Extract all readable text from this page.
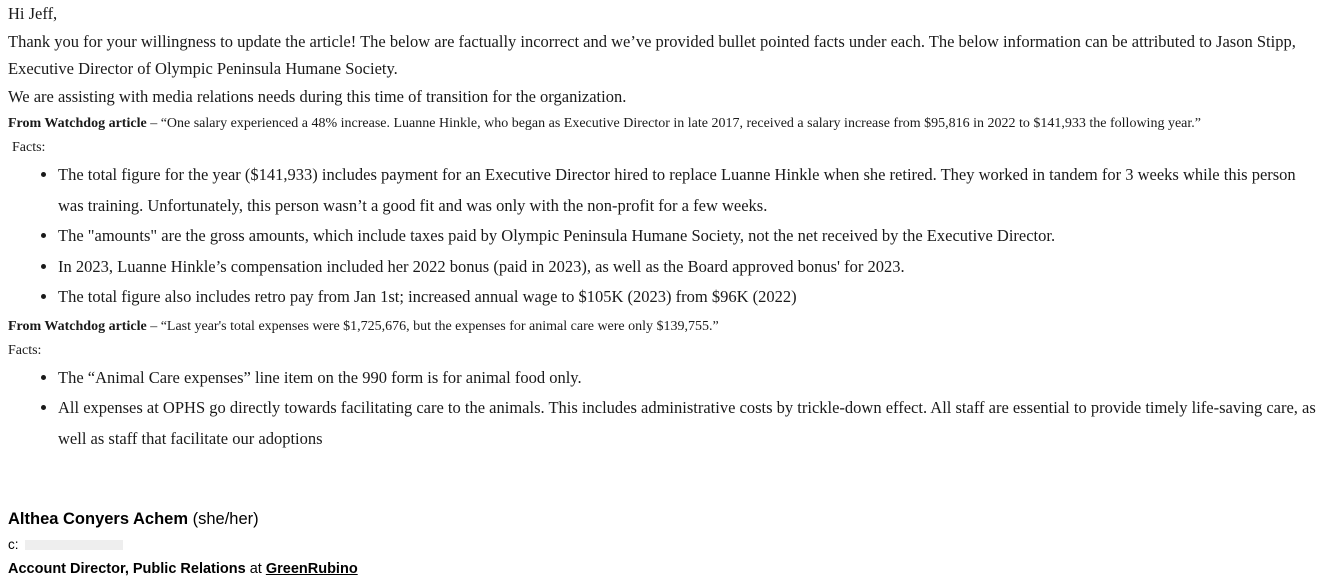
Hi Jeff,

Thank you for your willingness to update the article! The below are factually incorrect and we’ve provided bullet pointed facts under each. The below information can be attributed to Jason Stipp, Executive Director of Olympic Peninsula Humane Society.

We are assisting with media relations needs during this time of transition for the organization.

From Watchdog article – “One salary experienced a 48% increase. Luanne Hinkle, who began as Executive Director in late 2017, received a salary increase from $95,816 in 2022 to $141,933 the following year.”

Facts:

• The total figure for the year ($141,933) includes payment for an Executive Director hired to replace Luanne Hinkle when she retired. They worked in tandem for 3 weeks while this person was training. Unfortunately, this person wasn’t a good fit and was only with the non-profit for a few weeks.
• The "amounts" are the gross amounts, which include taxes paid by Olympic Peninsula Humane Society, not the net received by the Executive Director.
• In 2023, Luanne Hinkle’s compensation included her 2022 bonus (paid in 2023), as well as the Board approved bonus' for 2023.
• The total figure also includes retro pay from Jan 1st; increased annual wage to $105K (2023) from $96K (2022)

From Watchdog article – “Last year's total expenses were $1,725,676, but the expenses for animal care were only $139,755.”

Facts:

• The “Animal Care expenses” line item on the 990 form is for animal food only.
• All expenses at OPHS go directly towards facilitating care to the animals. This includes administrative costs by trickle-down effect. All staff are essential to provide timely life-saving care, as well as staff that facilitate our adoptions

Althea Conyers Achem (she/her)

c:

Account Director, Public Relations at GreenRubino
